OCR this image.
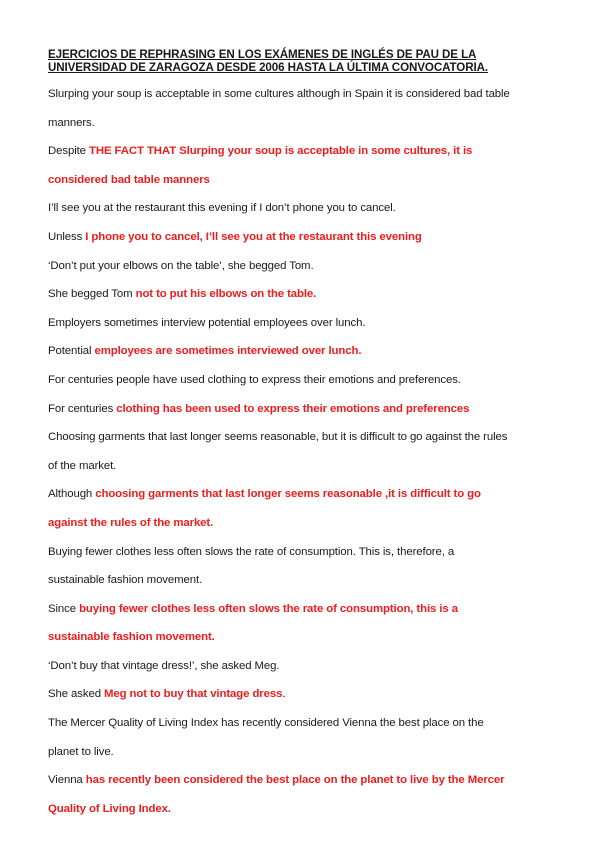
EJERCICIOS DE REPHRASING EN LOS EXÁMENES DE INGLÉS DE PAU DE LA
UNIVERSIDAD DE ZARAGOZA DESDE 2006 HASTA LA ÚLTIMA CONVOCATORIA.
Slurping your soup is acceptable in some cultures although in Spain it is considered bad table
manners.
Despite THE FACT THAT Slurping your soup is acceptable in some cultures, it is
considered bad table manners
I’ll see you at the restaurant this evening if I don’t phone you to cancel.
Unless I phone you to cancel, I’ll see you at the restaurant this evening
‘Don’t put your elbows on the table’, she begged Tom.
She begged Tom not to put his elbows on the table.
Employers sometimes interview potential employees over lunch.
Potential employees are sometimes interviewed over lunch.
For centuries people have used clothing to express their emotions and preferences.
For centuries clothing has been used to express their emotions and preferences
Choosing garments that last longer seems reasonable, but it is difficult to go against the rules
of the market.
Although choosing garments that last longer seems reasonable ,it is difficult to go
against the rules of the market.
Buying fewer clothes less often slows the rate of consumption. This is, therefore, a
sustainable fashion movement.
Since buying fewer clothes less often slows the rate of consumption, this is a
sustainable fashion movement.
‘Don’t buy that vintage dress!’, she asked Meg.
She asked Meg not to buy that vintage dress.
The Mercer Quality of Living Index has recently considered Vienna the best place on the
planet to live.
Vienna has recently been considered the best place on the planet to live by the Mercer
Quality of Living Index.
